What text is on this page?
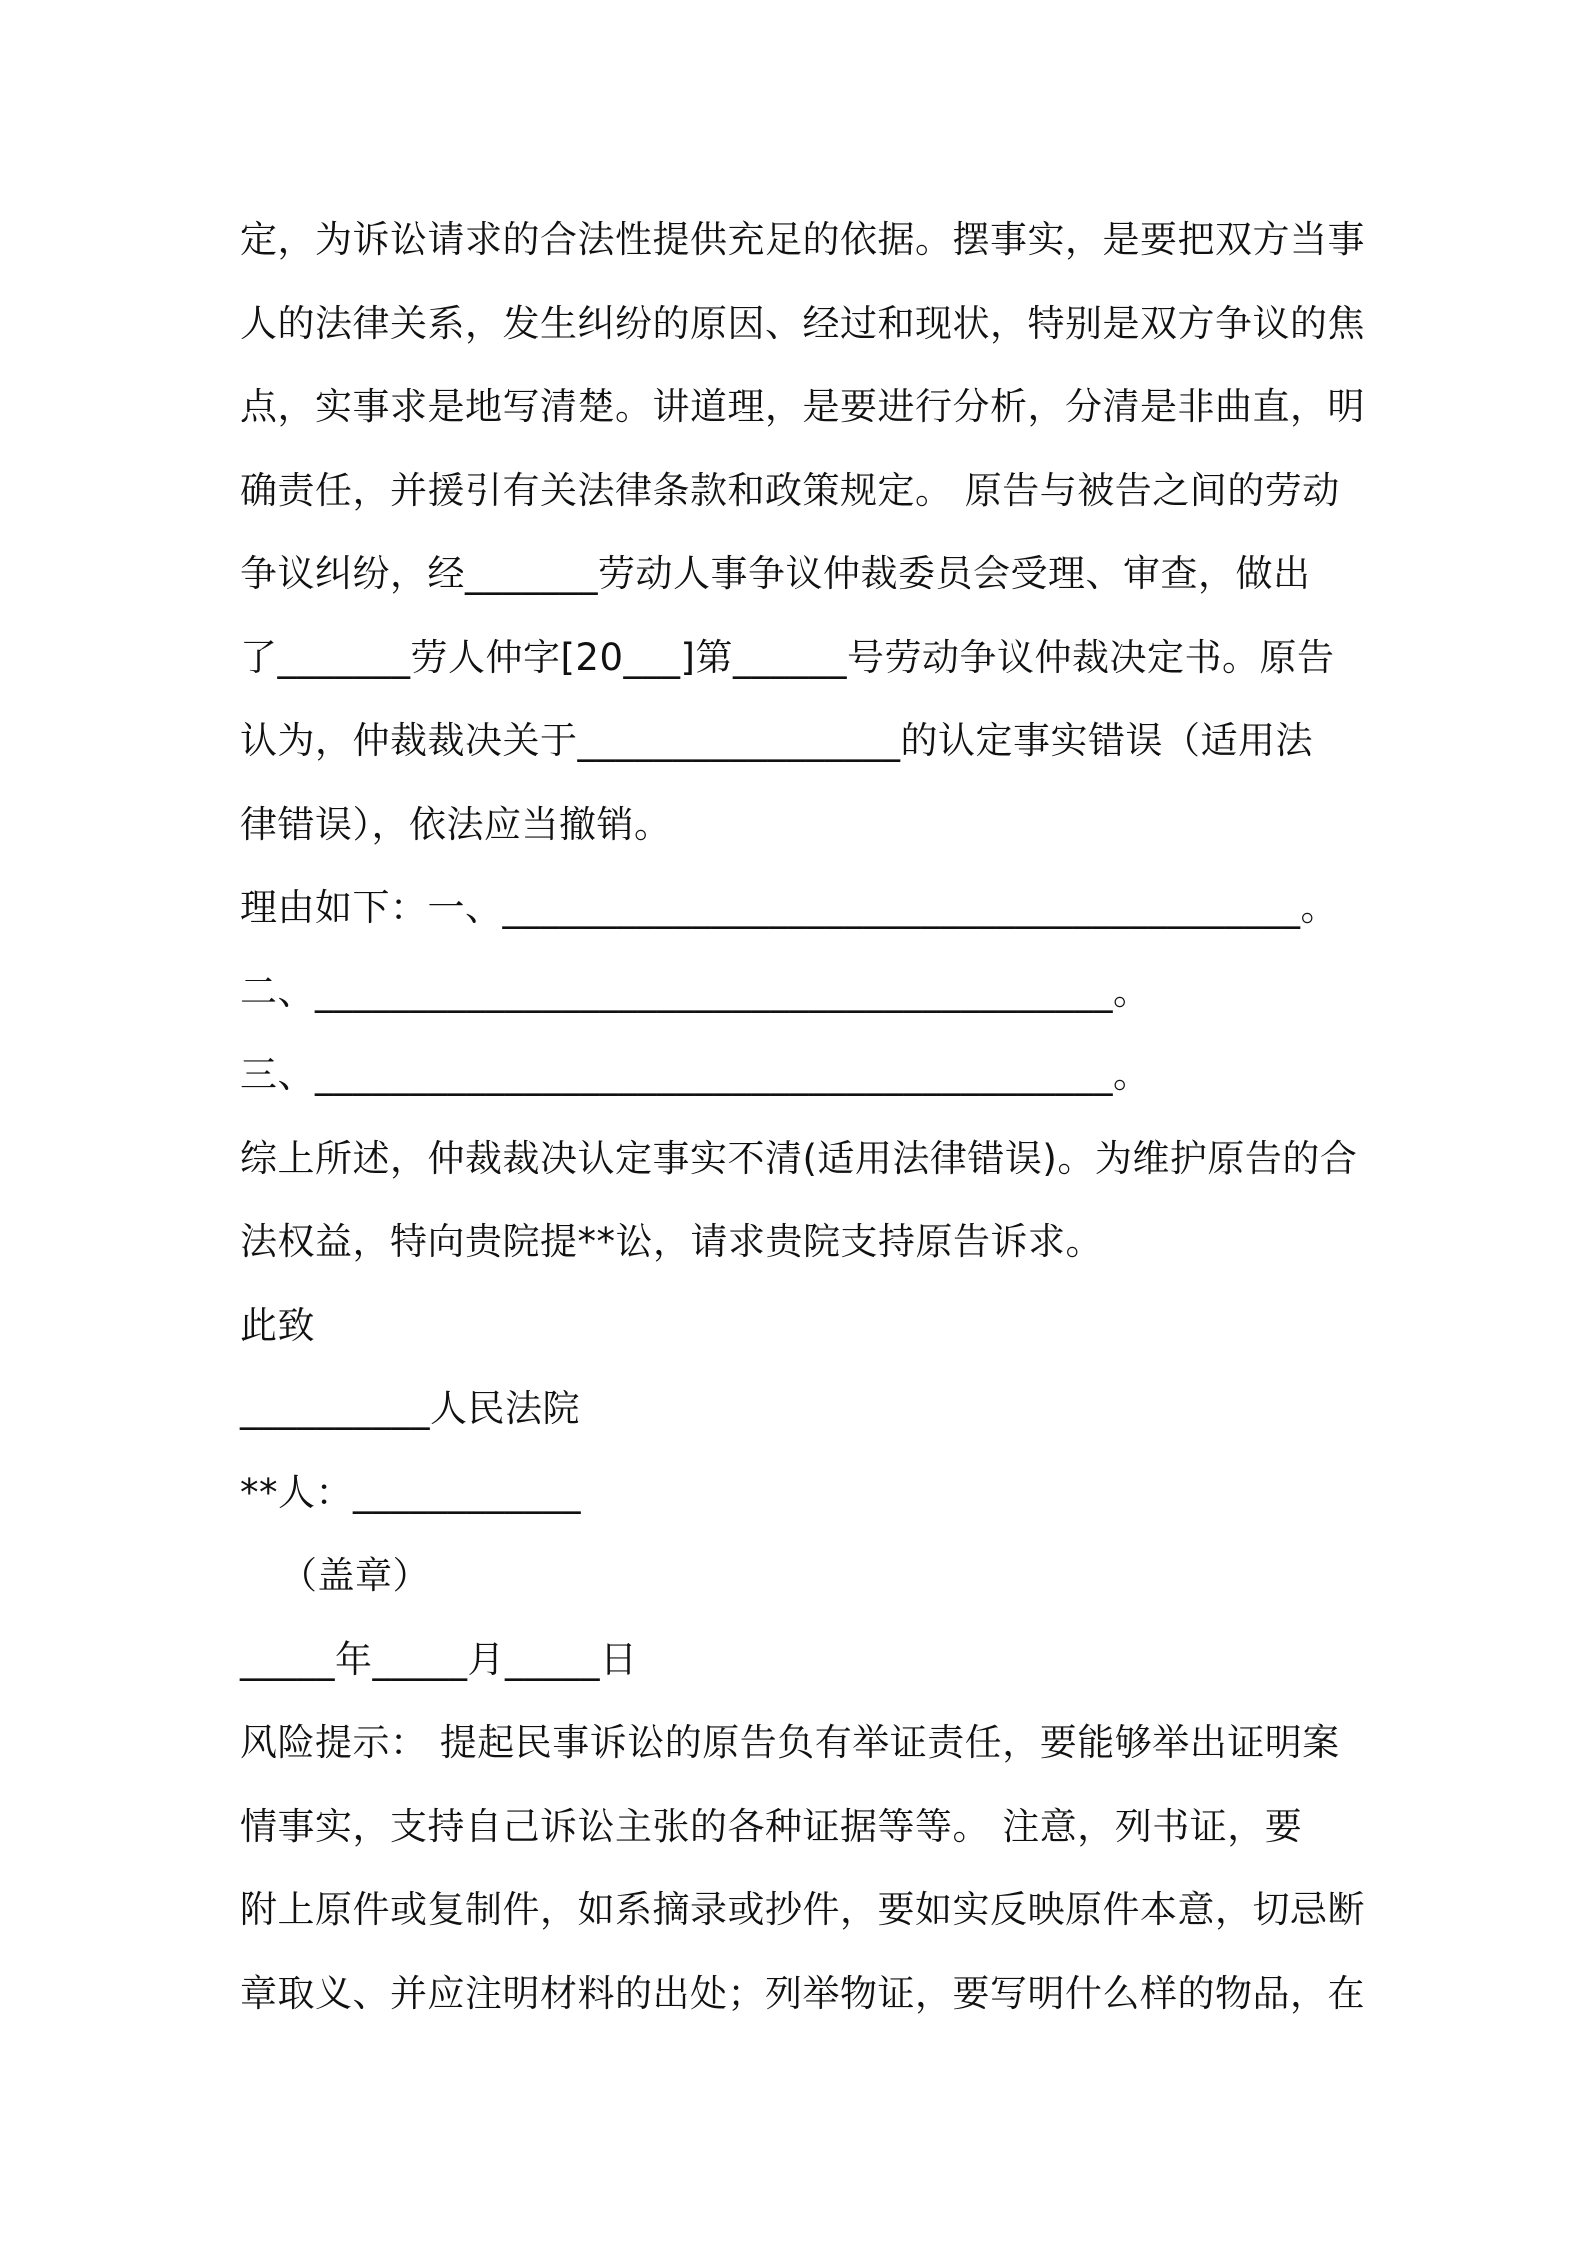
定，为诉讼请求的合法性提供充足的依据。摆事实，是要把双方当事
人的法律关系，发生纠纷的原因、经过和现状，特别是双方争议的焦
点，实事求是地写清楚。讲道理，是要进行分析，分清是非曲直，明
确责任，并援引有关法律条款和政策规定。 原告与被告之间的劳动
争议纠纷，经_______劳动人事争议仲裁委员会受理、审查，做出
了_______劳人仲字[20___]第______号劳动争议仲裁决定书。原告
认为，仲裁裁决关于_________________的认定事实错误（适用法
律错误），依法应当撤销。
理由如下：一、__________________________________________。
二、__________________________________________。
三、__________________________________________。
综上所述，仲裁裁决认定事实不清(适用法律错误)。为维护原告的合
法权益，特向贵院提**讼，请求贵院支持原告诉求。
此致
__________人民法院
**人：____________
（盖章）
_____年_____月_____日
风险提示： 提起民事诉讼的原告负有举证责任，要能够举出证明案
情事实，支持自己诉讼主张的各种证据等等。 注意，列书证，要
附上原件或复制件，如系摘录或抄件，要如实反映原件本意，切忌断
章取义、并应注明材料的出处；列举物证，要写明什么样的物品，在
